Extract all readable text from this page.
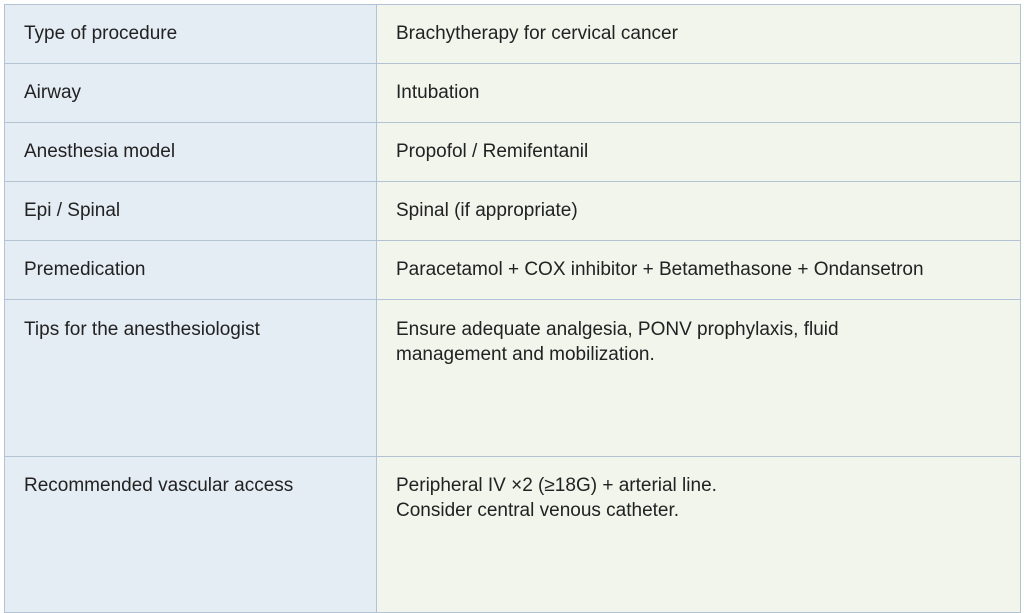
Type of procedure	Brachytherapy for cervical cancer

Airway	Intubation

Anesthesia model	Propofol / Remifentanil

Epi / Spinal	Spinal (if appropriate)

Premedication	Paracetamol + COX inhibitor + Betamethasone + Ondansetron

Tips for the anesthesiologist	Ensure adequate analgesia, PONV prophylaxis, fluid
management and mobilization.

Recommended vascular access	Peripheral IV ×2 (≥18G) + arterial line.
Consider central venous catheter.
